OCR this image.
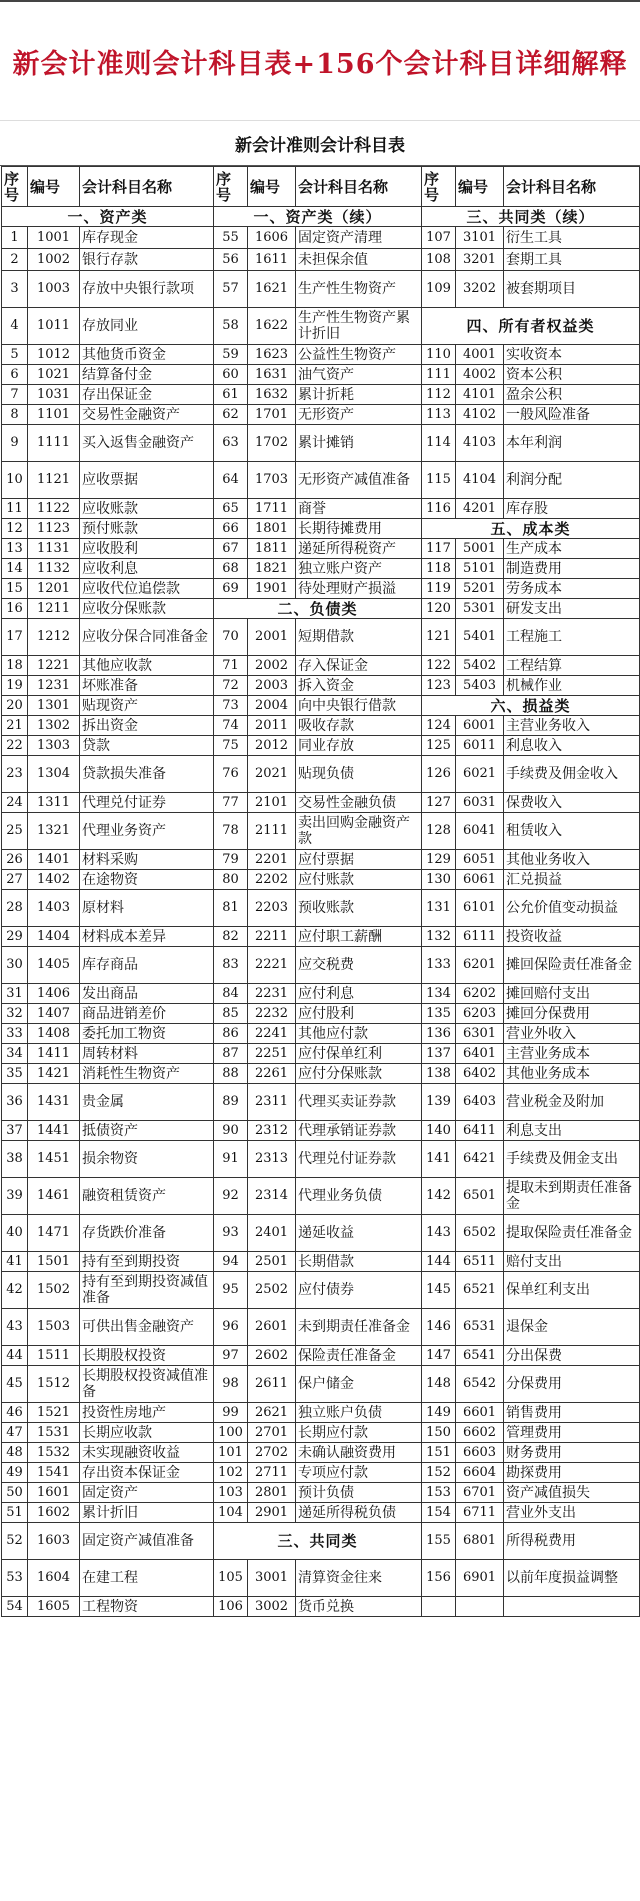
新会计准则会计科目表+156个会计科目详细解释
新会计准则会计科目表
序号	编号	会计科目名称	序号	编号	会计科目名称	序号	编号	会计科目名称
一、资产类			一、资产类（续）			三、共同类（续）		
1	1001	库存现金	55	1606	固定资产清理	107	3101	衍生工具
2	1002	银行存款	56	1611	未担保余值	108	3201	套期工具
3	1003	存放中央银行款项	57	1621	生产性生物资产	109	3202	被套期项目
4	1011	存放同业	58	1622	生产性生物资产累计折旧	四、所有者权益类		
5	1012	其他货币资金	59	1623	公益性生物资产	110	4001	实收资本
6	1021	结算备付金	60	1631	油气资产	111	4002	资本公积
7	1031	存出保证金	61	1632	累计折耗	112	4101	盈余公积
8	1101	交易性金融资产	62	1701	无形资产	113	4102	一般风险准备
9	1111	买入返售金融资产	63	1702	累计摊销	114	4103	本年利润
10	1121	应收票据	64	1703	无形资产减值准备	115	4104	利润分配
11	1122	应收账款	65	1711	商誉	116	4201	库存股
12	1123	预付账款	66	1801	长期待摊费用	五、成本类		
13	1131	应收股利	67	1811	递延所得税资产	117	5001	生产成本
14	1132	应收利息	68	1821	独立账户资产	118	5101	制造费用
15	1201	应收代位追偿款	69	1901	待处理财产损溢	119	5201	劳务成本
16	1211	应收分保账款	二、负债类			120	5301	研发支出
17	1212	应收分保合同准备金	70	2001	短期借款	121	5401	工程施工
18	1221	其他应收款	71	2002	存入保证金	122	5402	工程结算
19	1231	坏账准备	72	2003	拆入资金	123	5403	机械作业
20	1301	贴现资产	73	2004	向中央银行借款	六、损益类		
21	1302	拆出资金	74	2011	吸收存款	124	6001	主营业务收入
22	1303	贷款	75	2012	同业存放	125	6011	利息收入
23	1304	贷款损失准备	76	2021	贴现负债	126	6021	手续费及佣金收入
24	1311	代理兑付证券	77	2101	交易性金融负债	127	6031	保费收入
25	1321	代理业务资产	78	2111	卖出回购金融资产款	128	6041	租赁收入
26	1401	材料采购	79	2201	应付票据	129	6051	其他业务收入
27	1402	在途物资	80	2202	应付账款	130	6061	汇兑损益
28	1403	原材料	81	2203	预收账款	131	6101	公允价值变动损益
29	1404	材料成本差异	82	2211	应付职工薪酬	132	6111	投资收益
30	1405	库存商品	83	2221	应交税费	133	6201	摊回保险责任准备金
31	1406	发出商品	84	2231	应付利息	134	6202	摊回赔付支出
32	1407	商品进销差价	85	2232	应付股利	135	6203	摊回分保费用
33	1408	委托加工物资	86	2241	其他应付款	136	6301	营业外收入
34	1411	周转材料	87	2251	应付保单红利	137	6401	主营业务成本
35	1421	消耗性生物资产	88	2261	应付分保账款	138	6402	其他业务成本
36	1431	贵金属	89	2311	代理买卖证券款	139	6403	营业税金及附加
37	1441	抵债资产	90	2312	代理承销证券款	140	6411	利息支出
38	1451	损余物资	91	2313	代理兑付证券款	141	6421	手续费及佣金支出
39	1461	融资租赁资产	92	2314	代理业务负债	142	6501	提取未到期责任准备金
40	1471	存货跌价准备	93	2401	递延收益	143	6502	提取保险责任准备金
41	1501	持有至到期投资	94	2501	长期借款	144	6511	赔付支出
42	1502	持有至到期投资减值准备	95	2502	应付债券	145	6521	保单红利支出
43	1503	可供出售金融资产	96	2601	未到期责任准备金	146	6531	退保金
44	1511	长期股权投资	97	2602	保险责任准备金	147	6541	分出保费
45	1512	长期股权投资减值准备	98	2611	保户储金	148	6542	分保费用
46	1521	投资性房地产	99	2621	独立账户负债	149	6601	销售费用
47	1531	长期应收款	100	2701	长期应付款	150	6602	管理费用
48	1532	未实现融资收益	101	2702	未确认融资费用	151	6603	财务费用
49	1541	存出资本保证金	102	2711	专项应付款	152	6604	勘探费用
50	1601	固定资产	103	2801	预计负债	153	6701	资产减值损失
51	1602	累计折旧	104	2901	递延所得税负债	154	6711	营业外支出
52	1603	固定资产减值准备	三、共同类			155	6801	所得税费用
53	1604	在建工程	105	3001	清算资金往来	156	6901	以前年度损益调整
54	1605	工程物资	106	3002	货币兑换			
